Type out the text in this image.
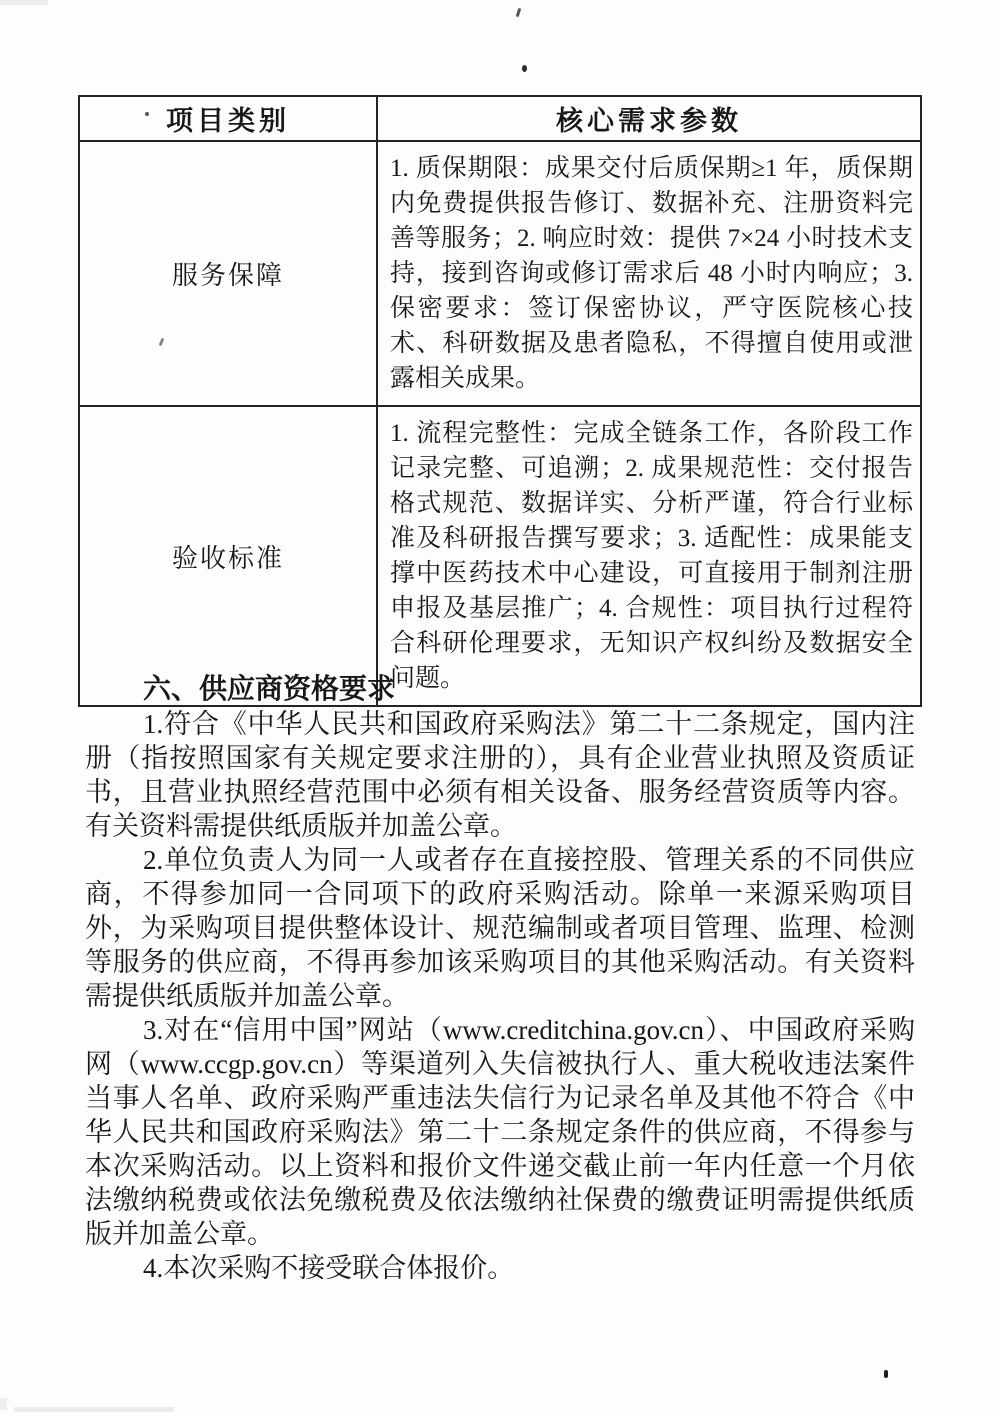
项目类别	核心需求参数
服务保障	1. 质保期限：成果交付后质保期≥1 年，质保期内免费提供报告修订、数据补充、注册资料完善等服务；2. 响应时效：提供 7×24 小时技术支持，接到咨询或修订需求后 48 小时内响应；3. 保密要求：签订保密协议，严守医院核心技术、科研数据及患者隐私，不得擅自使用或泄露相关成果。
验收标准	1. 流程完整性：完成全链条工作，各阶段工作记录完整、可追溯；2. 成果规范性：交付报告格式规范、数据详实、分析严谨，符合行业标准及科研报告撰写要求；3. 适配性：成果能支撑中医药技术中心建设，可直接用于制剂注册申报及基层推广；4. 合规性：项目执行过程符合科研伦理要求，无知识产权纠纷及数据安全问题。
六、供应商资格要求

1.符合《中华人民共和国政府采购法》第二十二条规定，国内注册（指按照国家有关规定要求注册的），具有企业营业执照及资质证书，且营业执照经营范围中必须有相关设备、服务经营资质等内容。有关资料需提供纸质版并加盖公章。

2.单位负责人为同一人或者存在直接控股、管理关系的不同供应商，不得参加同一合同项下的政府采购活动。除单一来源采购项目外，为采购项目提供整体设计、规范编制或者项目管理、监理、检测等服务的供应商，不得再参加该采购项目的其他采购活动。有关资料需提供纸质版并加盖公章。

3.对在“信用中国”网站（www.creditchina.gov.cn）、中国政府采购网（www.ccgp.gov.cn）等渠道列入失信被执行人、重大税收违法案件当事人名单、政府采购严重违法失信行为记录名单及其他不符合《中华人民共和国政府采购法》第二十二条规定条件的供应商，不得参与本次采购活动。以上资料和报价文件递交截止前一年内任意一个月依法缴纳税费或依法免缴税费及依法缴纳社保费的缴费证明需提供纸质版并加盖公章。

4.本次采购不接受联合体报价。
